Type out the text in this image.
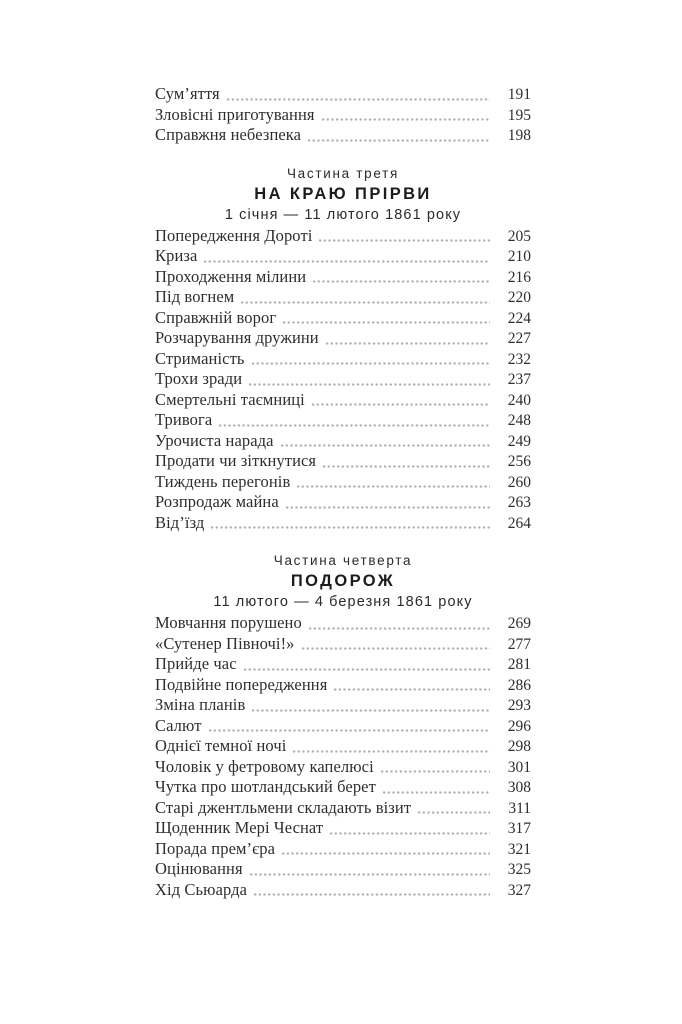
Сум’яття	191
Зловісні приготування	195
Справжня небезпека	198
Частина третя
НА КРАЮ ПРІРВИ
1 січня — 11 лютого 1861 року
Попередження Дороті	205
Криза	210
Проходження мілини	216
Під вогнем	220
Справжній ворог	224
Розчарування дружини	227
Стриманість	232
Трохи зради	237
Смертельні таємниці	240
Тривога	248
Урочиста нарада	249
Продати чи зіткнутися	256
Тиждень перегонів	260
Розпродаж майна	263
Від’їзд	264
Частина четверта
ПОДОРОЖ
11 лютого — 4 березня 1861 року
Мовчання порушено	269
«Сутенер Півночі!»	277
Прийде час	281
Подвійне попередження	286
Зміна планів	293
Салют	296
Однієї темної ночі	298
Чоловік у фетровому капелюсі	301
Чутка про шотландський берет	308
Старі джентльмени складають візит	311
Щоденник Мері Чеснат	317
Порада прем’єра	321
Оцінювання	325
Хід Сьюарда	327
